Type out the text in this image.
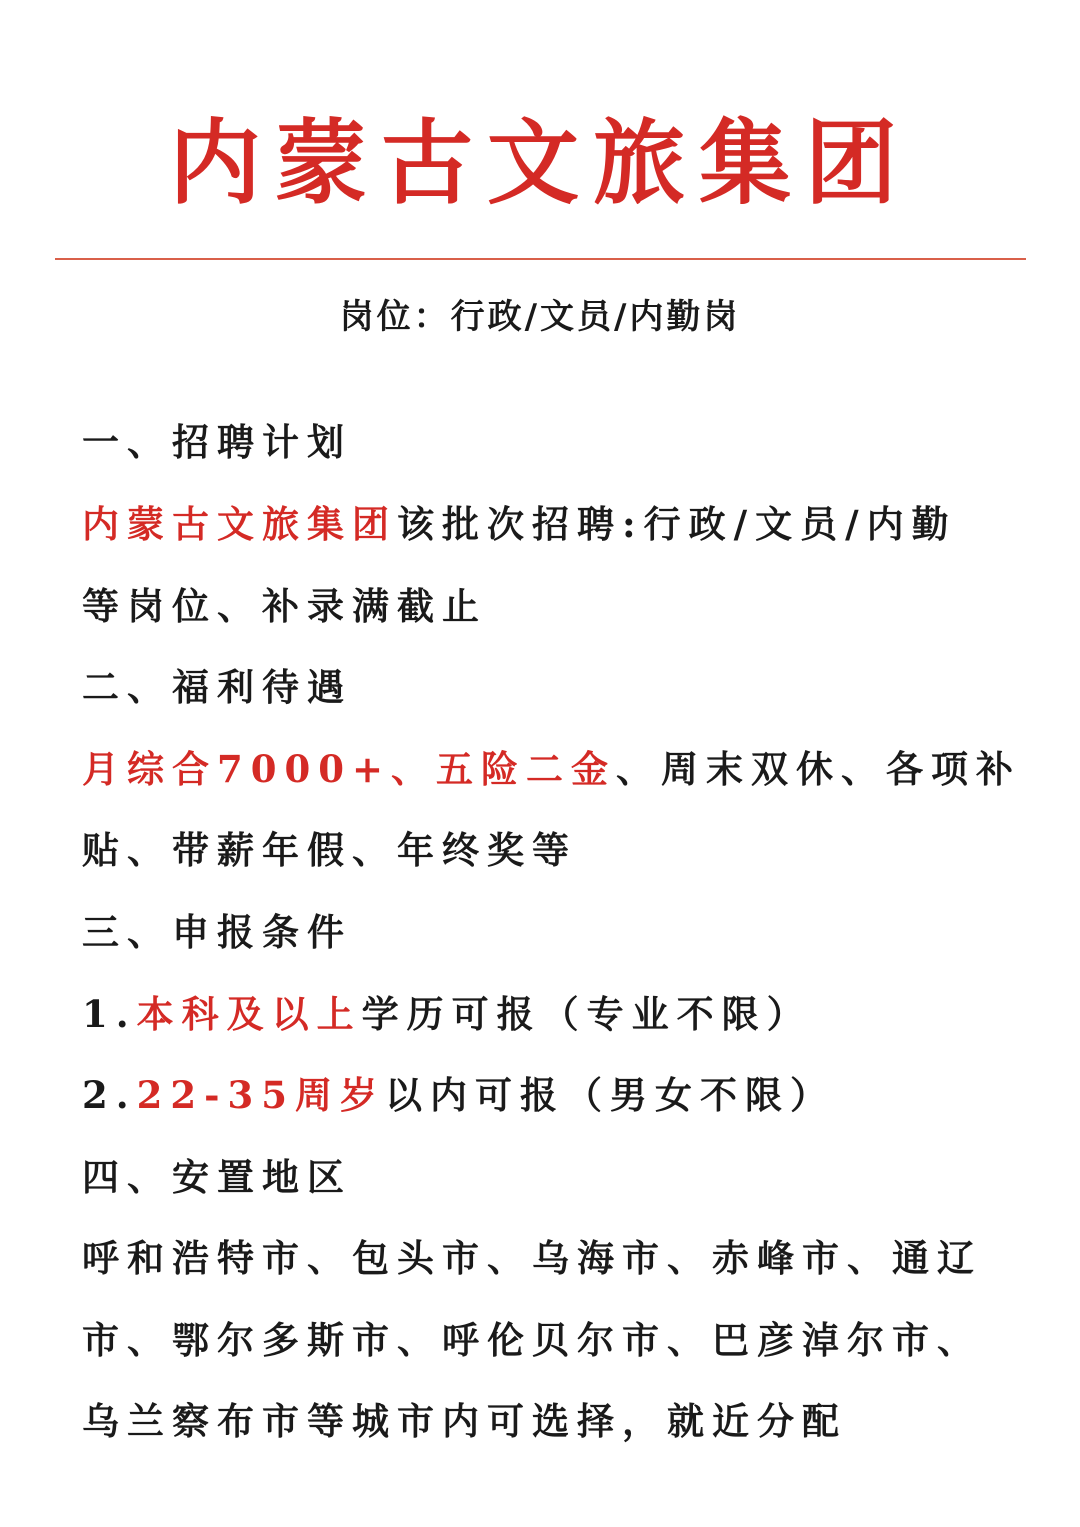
内蒙古文旅集团
岗位：行政/文员/内勤岗
一、招聘计划
内蒙古文旅集团该批次招聘:行政/文员/内勤
等岗位、补录满截止
二、福利待遇
月综合7000+、五险二金、周末双休、各项补
贴、带薪年假、年终奖等
三、申报条件
1.本科及以上学历可报（专业不限）
2.22-35周岁以内可报（男女不限）
四、安置地区
呼和浩特市、包头市、乌海市、赤峰市、通辽
市、鄂尔多斯市、呼伦贝尔市、巴彦淖尔市、
乌兰察布市等城市内可选择，就近分配
